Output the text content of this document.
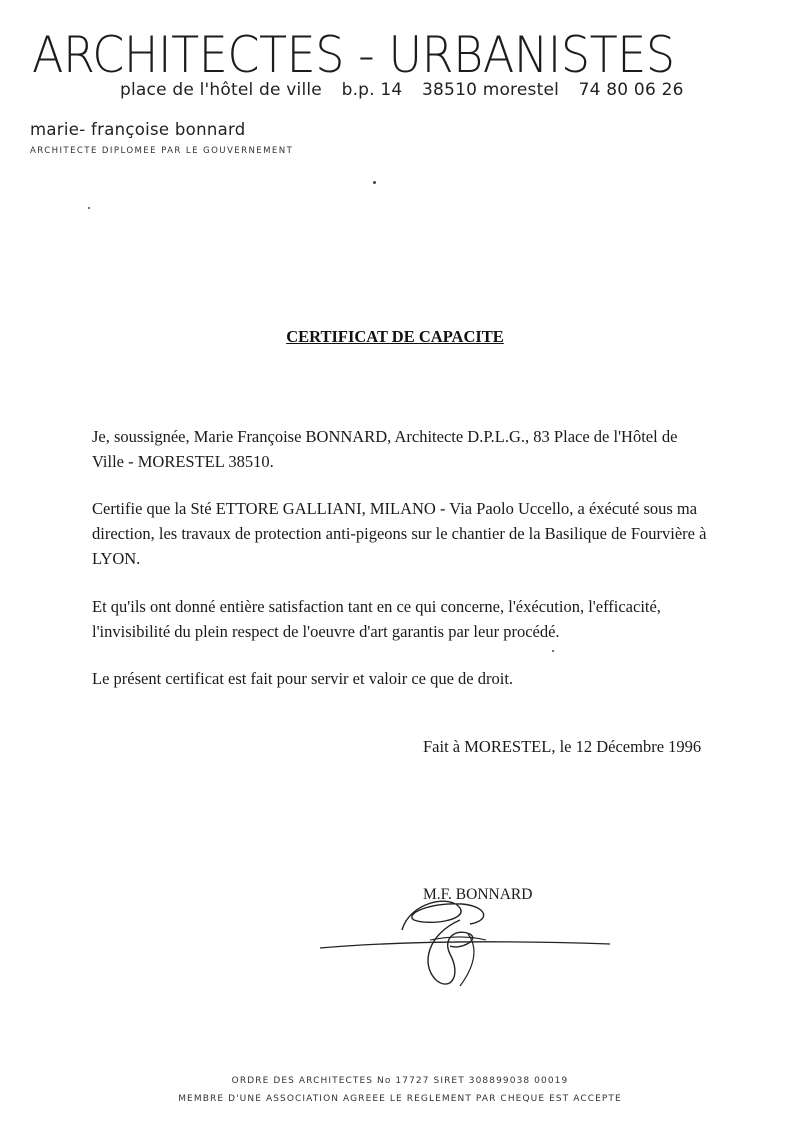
ARCHITECTES - URBANISTES
place de l'hôtel de ville b.p. 14 38510 morestel 74 80 06 26
marie- françoise bonnard
ARCHITECTE DIPLOMEE PAR LE GOUVERNEMENT
CERTIFICAT DE CAPACITE
Je, soussignée, Marie Françoise BONNARD, Architecte D.P.L.G., 83 Place de l'Hôtel de Ville - MORESTEL 38510.
Certifie que la Sté ETTORE GALLIANI, MILANO - Via Paolo Uccello, a éxécuté sous ma direction, les travaux de protection anti-pigeons sur le chantier de la Basilique de Fourvière à LYON.
Et qu'ils ont donné entière satisfaction tant en ce qui concerne, l'éxécution, l'efficacité, l'invisibilité du plein respect de l'oeuvre d'art garantis par leur procédé.
Le présent certificat est fait pour servir et valoir ce que de droit.
Fait à MORESTEL, le 12 Décembre 1996
M.F. BONNARD
ORDRE DES ARCHITECTES No 17727 SIRET 308899038 00019
MEMBRE D'UNE ASSOCIATION AGREEE LE REGLEMENT PAR CHEQUE EST ACCEPTE
